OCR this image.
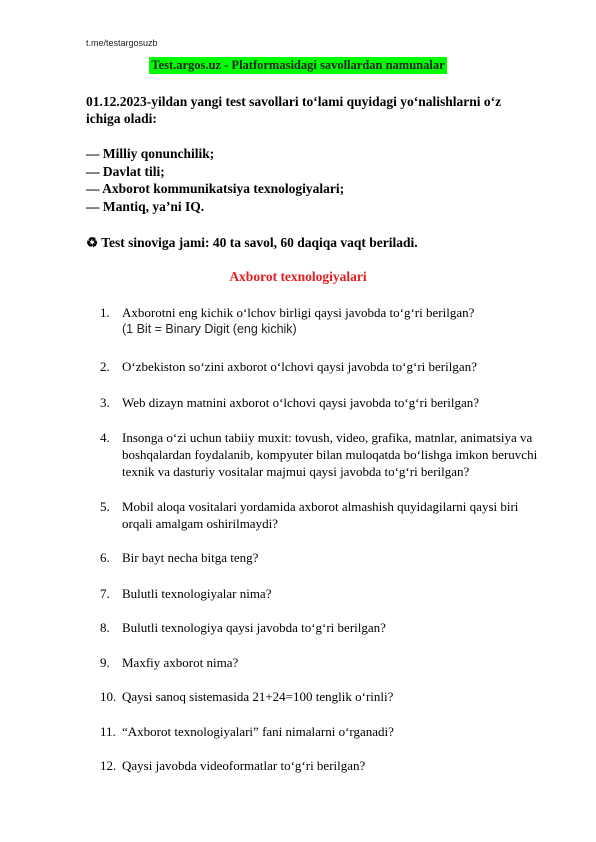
t.me/testargosuzb
Test.argos.uz - Platformasidagi savollardan namunalar
01.12.2023-yildan yangi test savollari to‘lami quyidagi yo‘nalishlarni o‘z ichiga oladi:
— Milliy qonunchilik;
— Davlat tili;
— Axborot kommunikatsiya texnologiyalari;
— Mantiq, ya’ni IQ.
♻ Test sinoviga jami: 40 ta savol, 60 daqiqa vaqt beriladi.
Axborot texnologiyalari
1. Axborotni eng kichik o‘lchov birligi qaysi javobda to‘g‘ri berilgan?
(1 Bit = Binary Digit (eng kichik)
2. O‘zbekiston so‘zini axborot o‘lchovi qaysi javobda to‘g‘ri berilgan?
3. Web dizayn matnini axborot o‘lchovi qaysi javobda to‘g‘ri berilgan?
4. Insonga o‘zi uchun tabiiy muxit: tovush, video, grafika, matnlar, animatsiya va boshqalardan foydalanib, kompyuter bilan muloqatda bo‘lishga imkon beruvchi texnik va dasturiy vositalar majmui qaysi javobda to‘g‘ri berilgan?
5. Mobil aloqa vositalari yordamida axborot almashish quyidagilarni qaysi biri orqali amalgam oshirilmaydi?
6. Bir bayt necha bitga teng?
7. Bulutli texnologiyalar nima?
8. Bulutli texnologiya qaysi javobda to‘g‘ri berilgan?
9. Maxfiy axborot nima?
10. Qaysi sanoq sistemasida 21+24=100 tenglik o‘rinli?
11. “Axborot texnologiyalari” fani nimalarni o‘rganadi?
12. Qaysi javobda videoformatlar to‘g‘ri berilgan?
